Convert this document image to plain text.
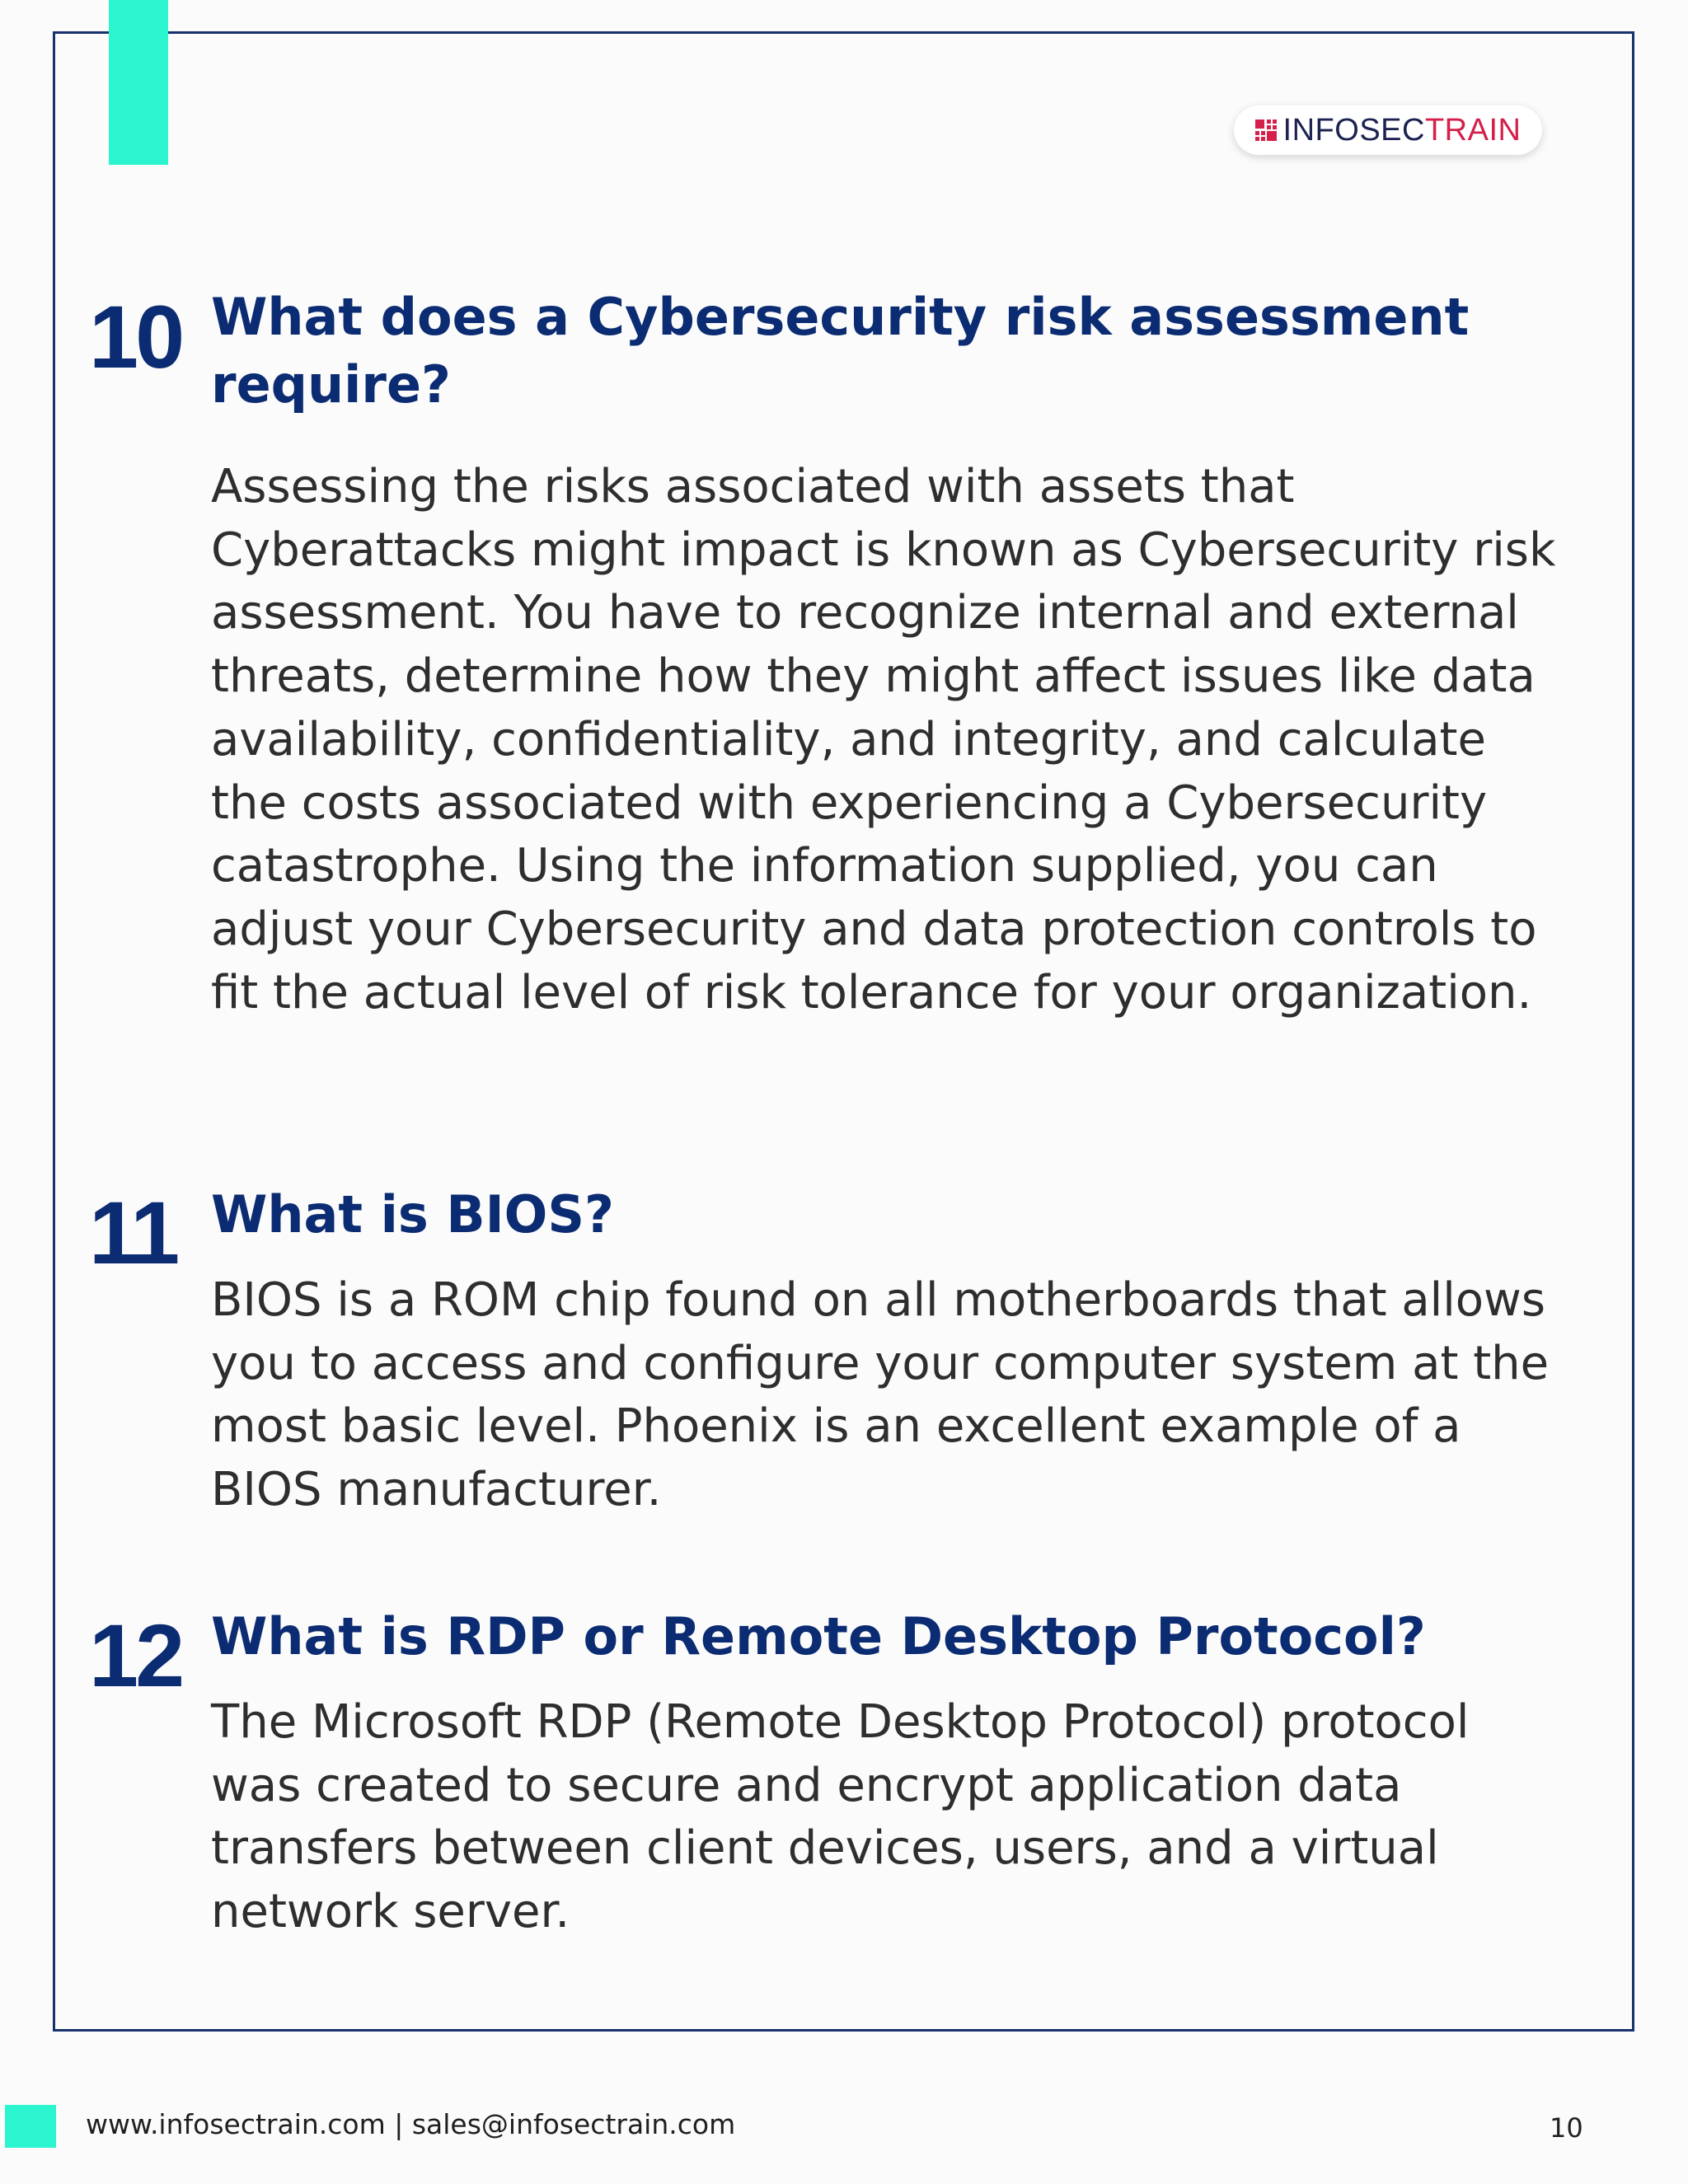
INFOSECTRAIN
10 What does a Cybersecurity risk assessment require?

Assessing the risks associated with assets that Cyberattacks might impact is known as Cybersecurity risk assessment. You have to recognize internal and external threats, determine how they might affect issues like data availability, confidentiality, and integrity, and calculate the costs associated with experiencing a Cybersecurity catastrophe. Using the information supplied, you can adjust your Cybersecurity and data protection controls to fit the actual level of risk tolerance for your organization.

11 What is BIOS?

BIOS is a ROM chip found on all motherboards that allows you to access and configure your computer system at the most basic level. Phoenix is an excellent example of a BIOS manufacturer.

12 What is RDP or Remote Desktop Protocol?

The Microsoft RDP (Remote Desktop Protocol) protocol was created to secure and encrypt application data transfers between client devices, users, and a virtual network server.

www.infosectrain.com | sales@infosectrain.com	10
